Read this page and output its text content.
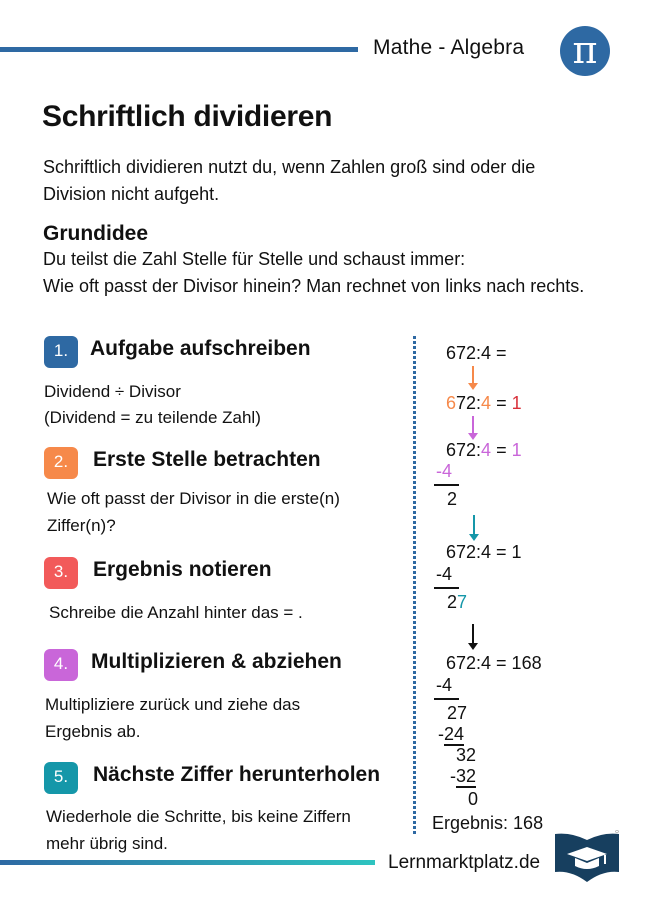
Mathe - Algebra	π
Schriftlich dividieren

Schriftlich dividieren nutzt du, wenn Zahlen groß sind oder die Division nicht aufgeht.

Grundidee
Du teilst die Zahl Stelle für Stelle und schaust immer:
Wie oft passt der Divisor hinein? Man rechnet von links nach rechts.
1.	Aufgabe aufschreiben
Dividend ÷ Divisor
(Dividend = zu teilende Zahl)
2.	Erste Stelle betrachten
Wie oft passt der Divisor in die erste(n)
Ziffer(n)?
3.	Ergebnis notieren
Schreibe die Anzahl hinter das = .
4.	Multiplizieren & abziehen
Multipliziere zurück und ziehe das
Ergebnis ab.
5.	Nächste Ziffer herunterholen
Wiederhole die Schritte, bis keine Ziffern
mehr übrig sind.
672:4 =
672:4 = 1
672:4 = 1
-4
2
672:4 = 1
-4
27
672:4 = 168
-4
27
-24
32
-32
0
Ergebnis: 168
Lernmarktplatz.de
